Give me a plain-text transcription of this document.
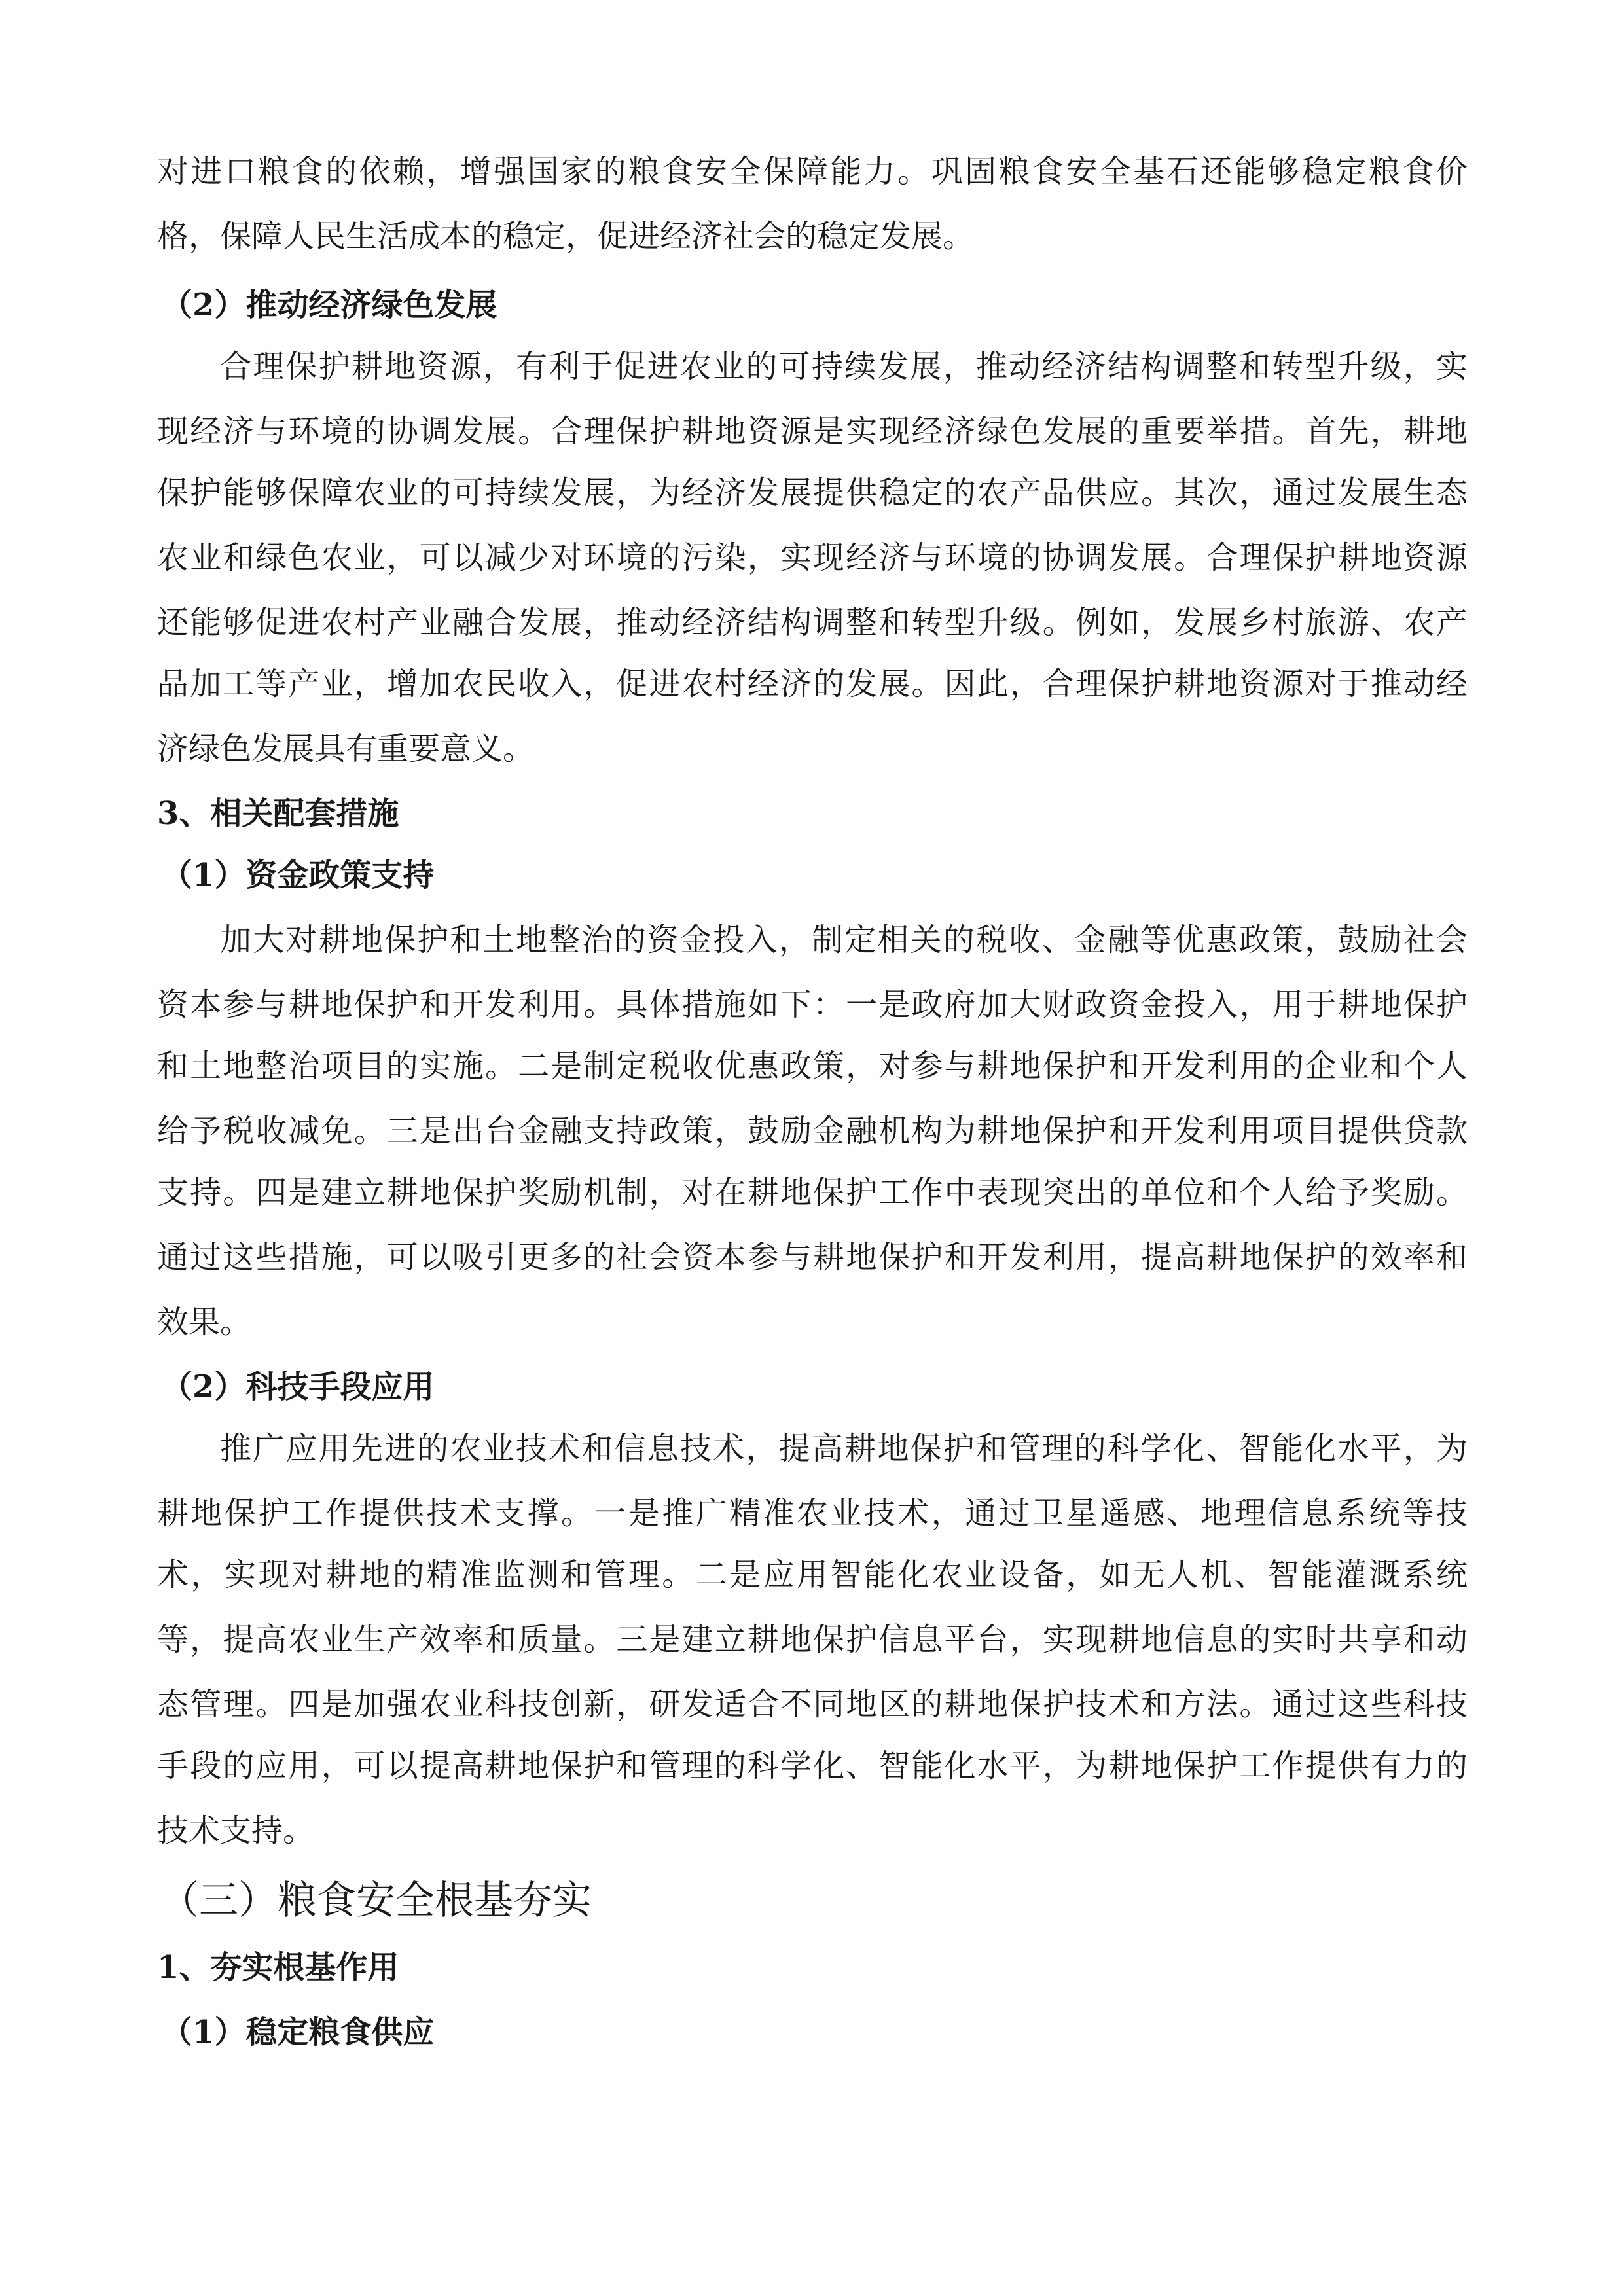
对进口粮食的依赖，增强国家的粮食安全保障能力。巩固粮食安全基石还能够稳定粮食价

格，保障人民生活成本的稳定，促进经济社会的稳定发展。

（2）推动经济绿色发展

合理保护耕地资源，有利于促进农业的可持续发展，推动经济结构调整和转型升级，实

现经济与环境的协调发展。合理保护耕地资源是实现经济绿色发展的重要举措。首先，耕地

保护能够保障农业的可持续发展，为经济发展提供稳定的农产品供应。其次，通过发展生态

农业和绿色农业，可以减少对环境的污染，实现经济与环境的协调发展。合理保护耕地资源

还能够促进农村产业融合发展，推动经济结构调整和转型升级。例如，发展乡村旅游、农产

品加工等产业，增加农民收入，促进农村经济的发展。因此，合理保护耕地资源对于推动经

济绿色发展具有重要意义。

3、相关配套措施

（1）资金政策支持

加大对耕地保护和土地整治的资金投入，制定相关的税收、金融等优惠政策，鼓励社会

资本参与耕地保护和开发利用。具体措施如下：一是政府加大财政资金投入，用于耕地保护

和土地整治项目的实施。二是制定税收优惠政策，对参与耕地保护和开发利用的企业和个人

给予税收减免。三是出台金融支持政策，鼓励金融机构为耕地保护和开发利用项目提供贷款

支持。四是建立耕地保护奖励机制，对在耕地保护工作中表现突出的单位和个人给予奖励。

通过这些措施，可以吸引更多的社会资本参与耕地保护和开发利用，提高耕地保护的效率和

效果。

（2）科技手段应用

推广应用先进的农业技术和信息技术，提高耕地保护和管理的科学化、智能化水平，为

耕地保护工作提供技术支撑。一是推广精准农业技术，通过卫星遥感、地理信息系统等技

术，实现对耕地的精准监测和管理。二是应用智能化农业设备，如无人机、智能灌溉系统

等，提高农业生产效率和质量。三是建立耕地保护信息平台，实现耕地信息的实时共享和动

态管理。四是加强农业科技创新，研发适合不同地区的耕地保护技术和方法。通过这些科技

手段的应用，可以提高耕地保护和管理的科学化、智能化水平，为耕地保护工作提供有力的

技术支持。

（三）粮食安全根基夯实

1、夯实根基作用

（1）稳定粮食供应
